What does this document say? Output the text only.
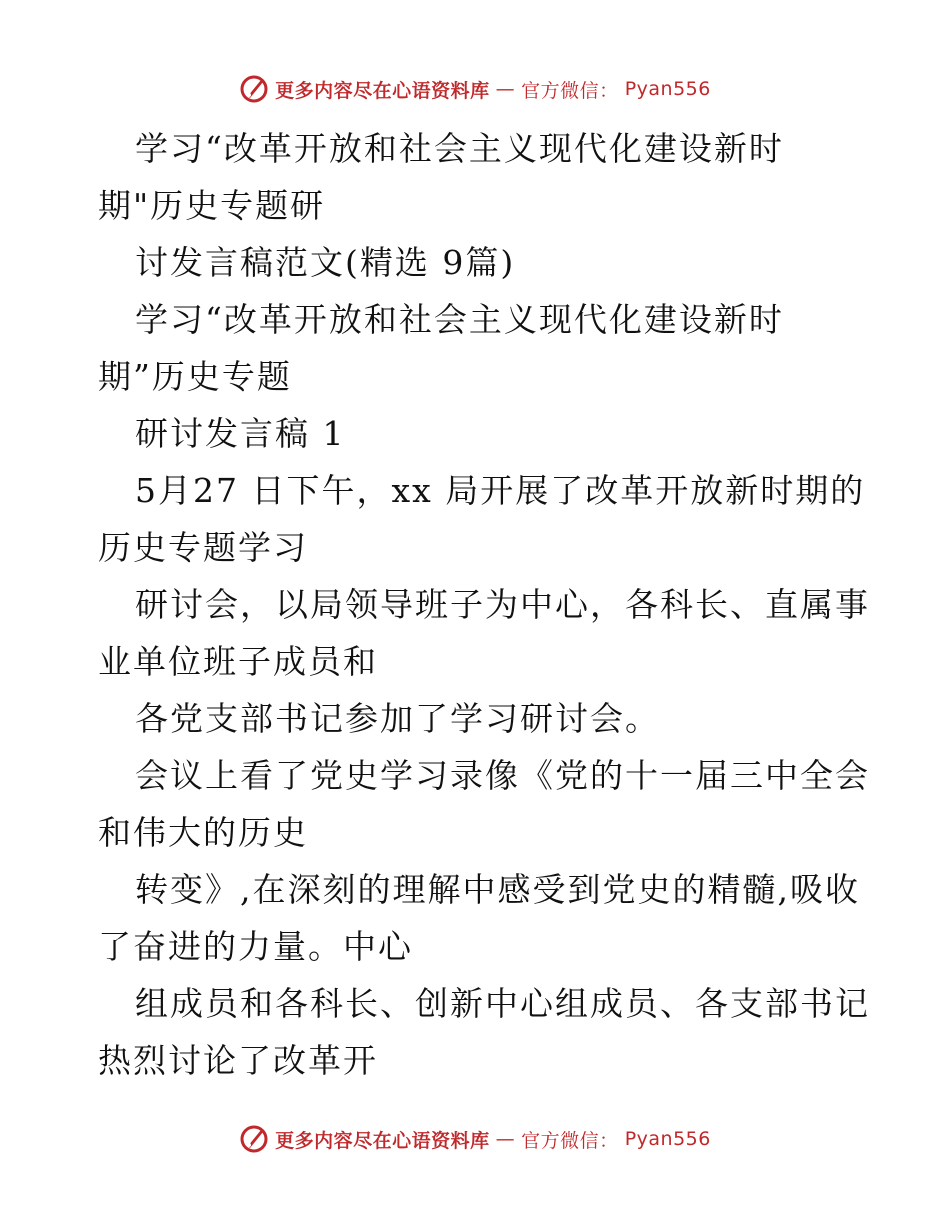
更多内容尽在心语资料库 — 官方微信： Pyan556
学习“改革开放和社会主义现代化建设新时
期"历史专题研
讨发言稿范文(精选 9篇)
学习“改革开放和社会主义现代化建设新时
期”历史专题
研讨发言稿 1
5月27 日下午，xx 局开展了改革开放新时期的
历史专题学习
研讨会，以局领导班子为中心，各科长、直属事
业单位班子成员和
各党支部书记参加了学习研讨会。
会议上看了党史学习录像《党的十一届三中全会
和伟大的历史
转变》,在深刻的理解中感受到党史的精髓,吸收
了奋进的力量。中心
组成员和各科长、创新中心组成员、各支部书记
热烈讨论了改革开
更多内容尽在心语资料库 — 官方微信： Pyan556
